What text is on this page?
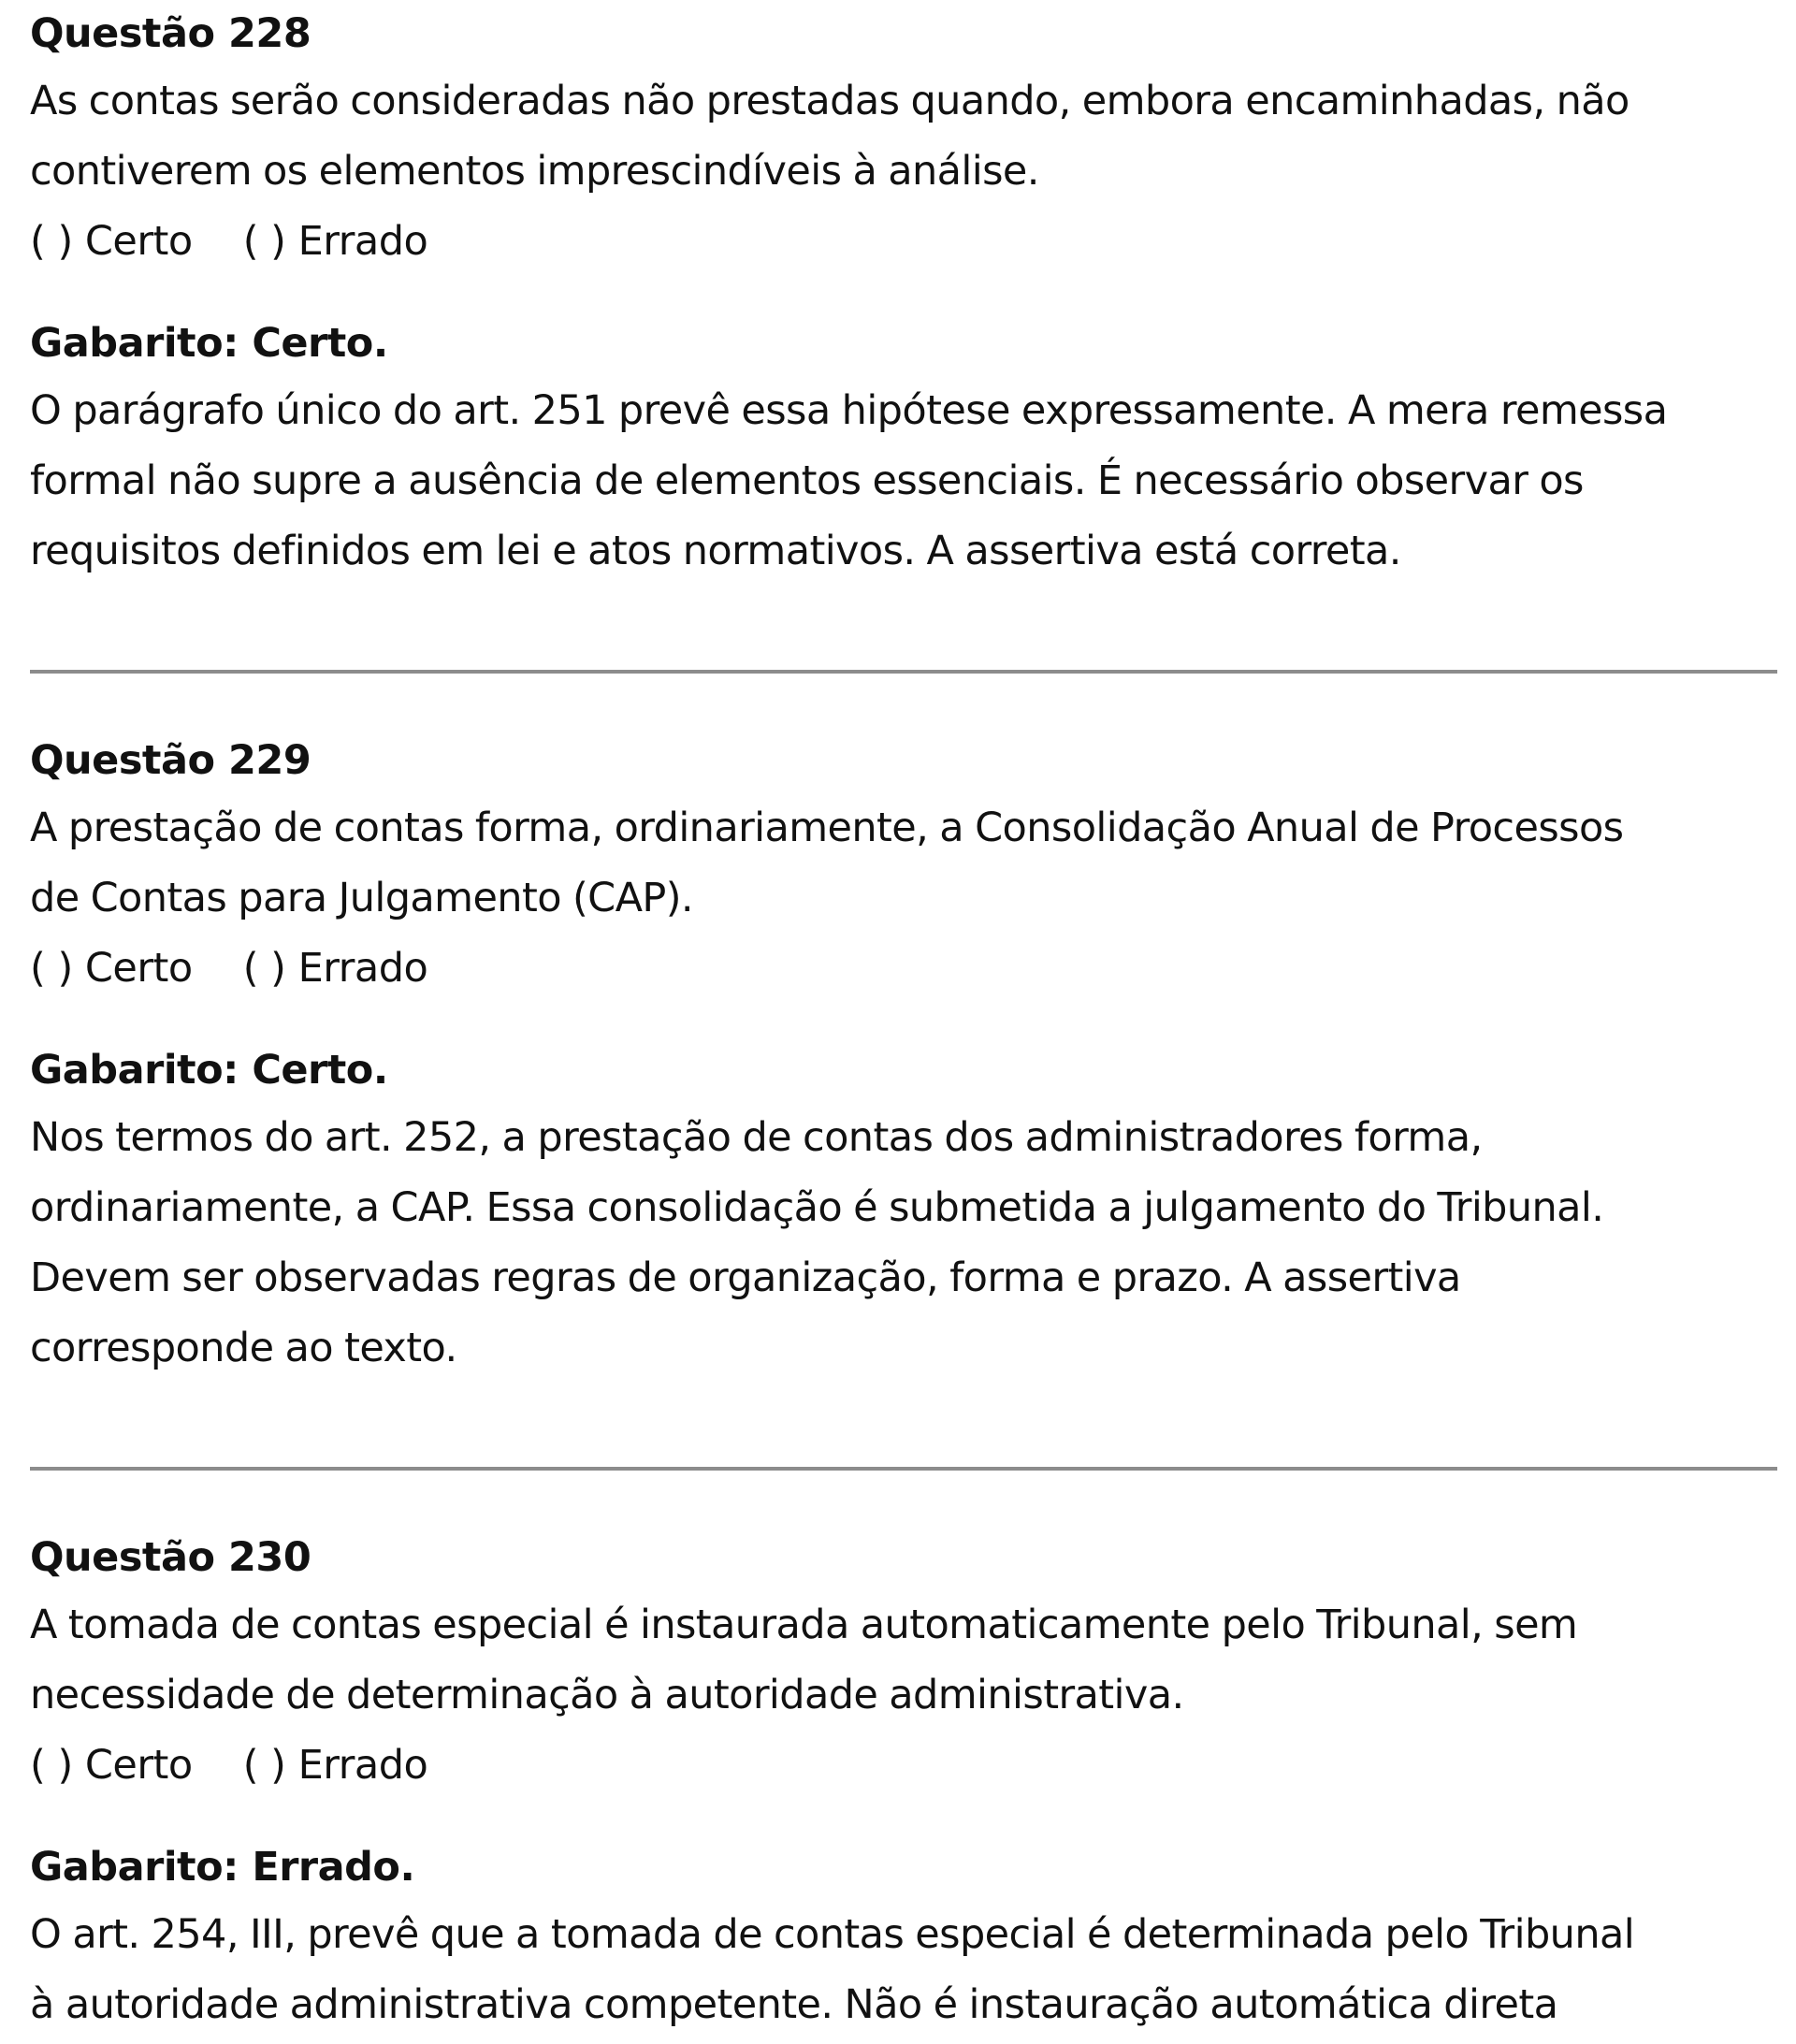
Questão 228

As contas serão consideradas não prestadas quando, embora encaminhadas, não
contiverem os elementos imprescindíveis à análise.

( ) Certo ( ) Errado
Gabarito: Certo.

O parágrafo único do art. 251 prevê essa hipótese expressamente. A mera remessa
formal não supre a ausência de elementos essenciais. É necessário observar os
requisitos definidos em lei e atos normativos. A assertiva está correta.

Questão 229

A prestação de contas forma, ordinariamente, a Consolidação Anual de Processos
de Contas para Julgamento (CAP).

( ) Certo ( ) Errado
Gabarito: Certo.

Nos termos do art. 252, a prestação de contas dos administradores forma,
ordinariamente, a CAP. Essa consolidação é submetida a julgamento do Tribunal.
Devem ser observadas regras de organização, forma e prazo. A assertiva
corresponde ao texto.

Questão 230

A tomada de contas especial é instaurada automaticamente pelo Tribunal, sem
necessidade de determinação à autoridade administrativa.

( ) Certo ( ) Errado
Gabarito: Errado.

O art. 254, III, prevê que a tomada de contas especial é determinada pelo Tribunal
à autoridade administrativa competente. Não é instauração automática direta
